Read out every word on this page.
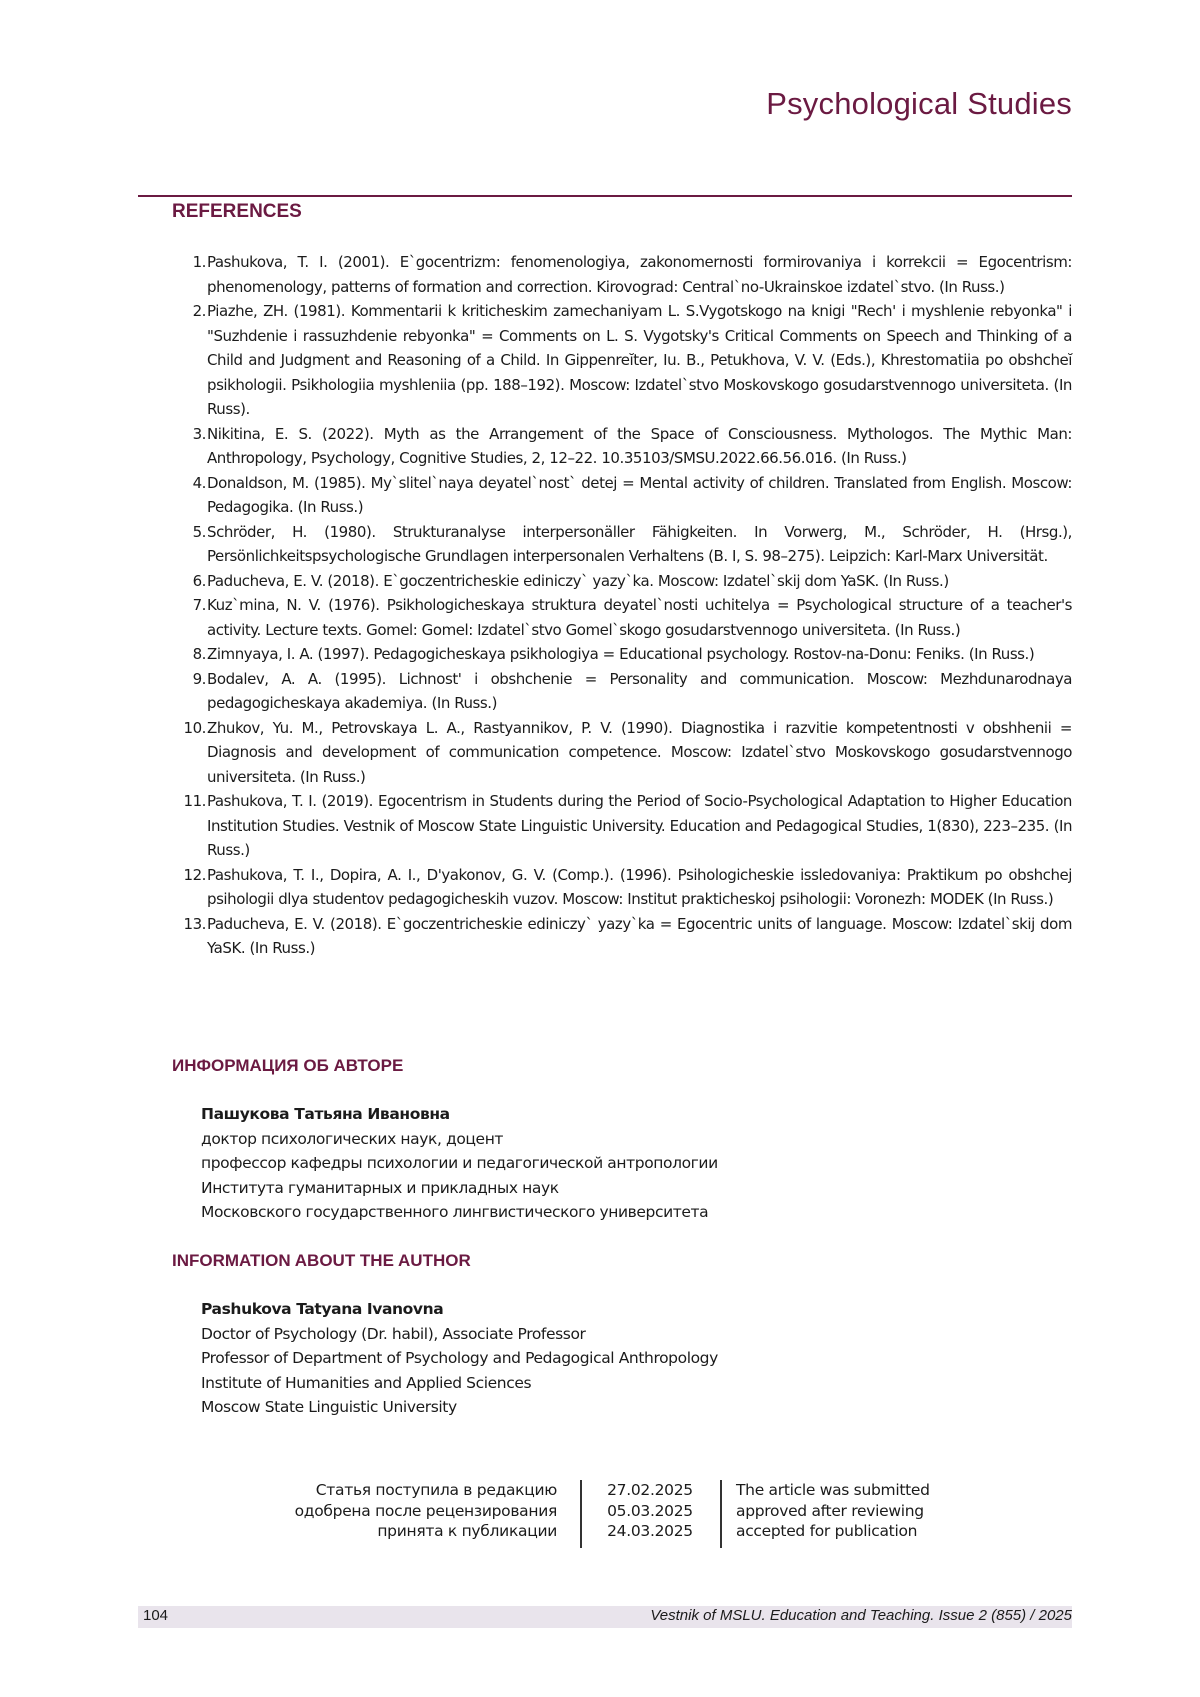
Psychological Studies
REFERENCES
1. Pashukova, T. I. (2001). E`gocentrizm: fenomenologiya, zakonomernosti formirovaniya i korrekcii = Egocentrism: phenomenology, patterns of formation and correction. Kirovograd: Central`no-Ukrainskoe izdatel`stvo. (In Russ.)
2. Piazhe, ZH. (1981). Kommentarii k kriticheskim zamechaniyam L. S.Vygotskogo na knigi "Rech' i myshlenie rebyonka" i "Suzhdenie i rassuzhdenie rebyonka" = Comments on L. S. Vygotsky's Critical Comments on Speech and Thinking of a Child and Judgment and Reasoning of a Child. In Gippenreĭter, Iu. B., Petukhova, V. V. (Eds.), Khrestomatiia po obshcheĭ psikhologii. Psikhologiia myshleniia (pp. 188–192). Moscow: Izdatel`stvo Moskovskogo gosudarstvennogo universiteta. (In Russ).
3. Nikitina, E. S. (2022). Myth as the Arrangement of the Space of Consciousness. Mythologos. The Mythic Man: Anthropology, Psychology, Cognitive Studies, 2, 12–22. 10.35103/SMSU.2022.66.56.016. (In Russ.)
4. Donaldson, M. (1985). My`slitel`naya deyatel`nost` detej = Mental activity of children. Translated from English. Moscow: Pedagogika. (In Russ.)
5. Schröder, H. (1980). Strukturanalyse interpersonäller Fähigkeiten. In Vorwerg, M., Schröder, H. (Hrsg.), Persönlichkeitspsychologische Grundlagen interpersonalen Verhaltens (B. I, S. 98–275). Leipzich: Karl-Marx Universität.
6. Paducheva, E. V. (2018). E`goczentricheskie ediniczy` yazy`ka. Moscow: Izdatel`skij dom YaSK. (In Russ.)
7. Kuz`mina, N. V. (1976). Psikhologicheskaya struktura deyatel`nosti uchitelya = Psychological structure of a teacher's activity. Lecture texts. Gomel: Gomel: Izdatel`stvo Gomel`skogo gosudarstvennogo universiteta. (In Russ.)
8. Zimnyaya, I. A. (1997). Pedagogicheskaya psikhologiya = Educational psychology. Rostov-na-Donu: Feniks. (In Russ.)
9. Bodalev, A. A. (1995). Lichnost' i obshchenie = Personality and communication. Moscow: Mezhdunarodnaya pedagogicheskaya akademiya. (In Russ.)
10. Zhukov, Yu. M., Petrovskaya L. A., Rastyannikov, P. V. (1990). Diagnostika i razvitie kompetentnosti v obshhenii = Diagnosis and development of communication competence. Moscow: Izdatel`stvo Moskovskogo gosudarstvennogo universiteta. (In Russ.)
11. Pashukova, T. I. (2019). Egocentrism in Students during the Period of Socio-Psychological Adaptation to Higher Education Institution Studies. Vestnik of Moscow State Linguistic University. Education and Pedagogical Studies, 1(830), 223–235. (In Russ.)
12. Pashukova, T. I., Dopira, A. I., D'yakonov, G. V. (Comp.). (1996). Psihologicheskie issledovaniya: Praktikum po obshchej psihologii dlya studentov pedagogicheskih vuzov. Moscow: Institut prakticheskoj psihologii: Voronezh: MODEK (In Russ.)
13. Paducheva, E. V. (2018). E`goczentricheskie ediniczy` yazy`ka = Egocentric units of language. Moscow: Izdatel`skij dom YaSK. (In Russ.)
ИНФОРМАЦИЯ ОБ АВТОРЕ
Пашукова Татьяна Ивановна
доктор психологических наук, доцент
профессор кафедры психологии и педагогической антропологии
Института гуманитарных и прикладных наук
Московского государственного лингвистического университета
INFORMATION ABOUT THE AUTHOR
Pashukova Tatyana Ivanovna
Doctor of Psychology (Dr. habil), Associate Professor
Professor of Department of Psychology and Pedagogical Anthropology
Institute of Humanities and Applied Sciences
Moscow State Linguistic University
Статья поступила в редакцию
одобрена после рецензирования
принята к публикации
27.02.2025
05.03.2025
24.03.2025
The article was submitted
approved after reviewing
accepted for publication
104	Vestnik of MSLU. Education and Teaching. Issue 2 (855) / 2025
